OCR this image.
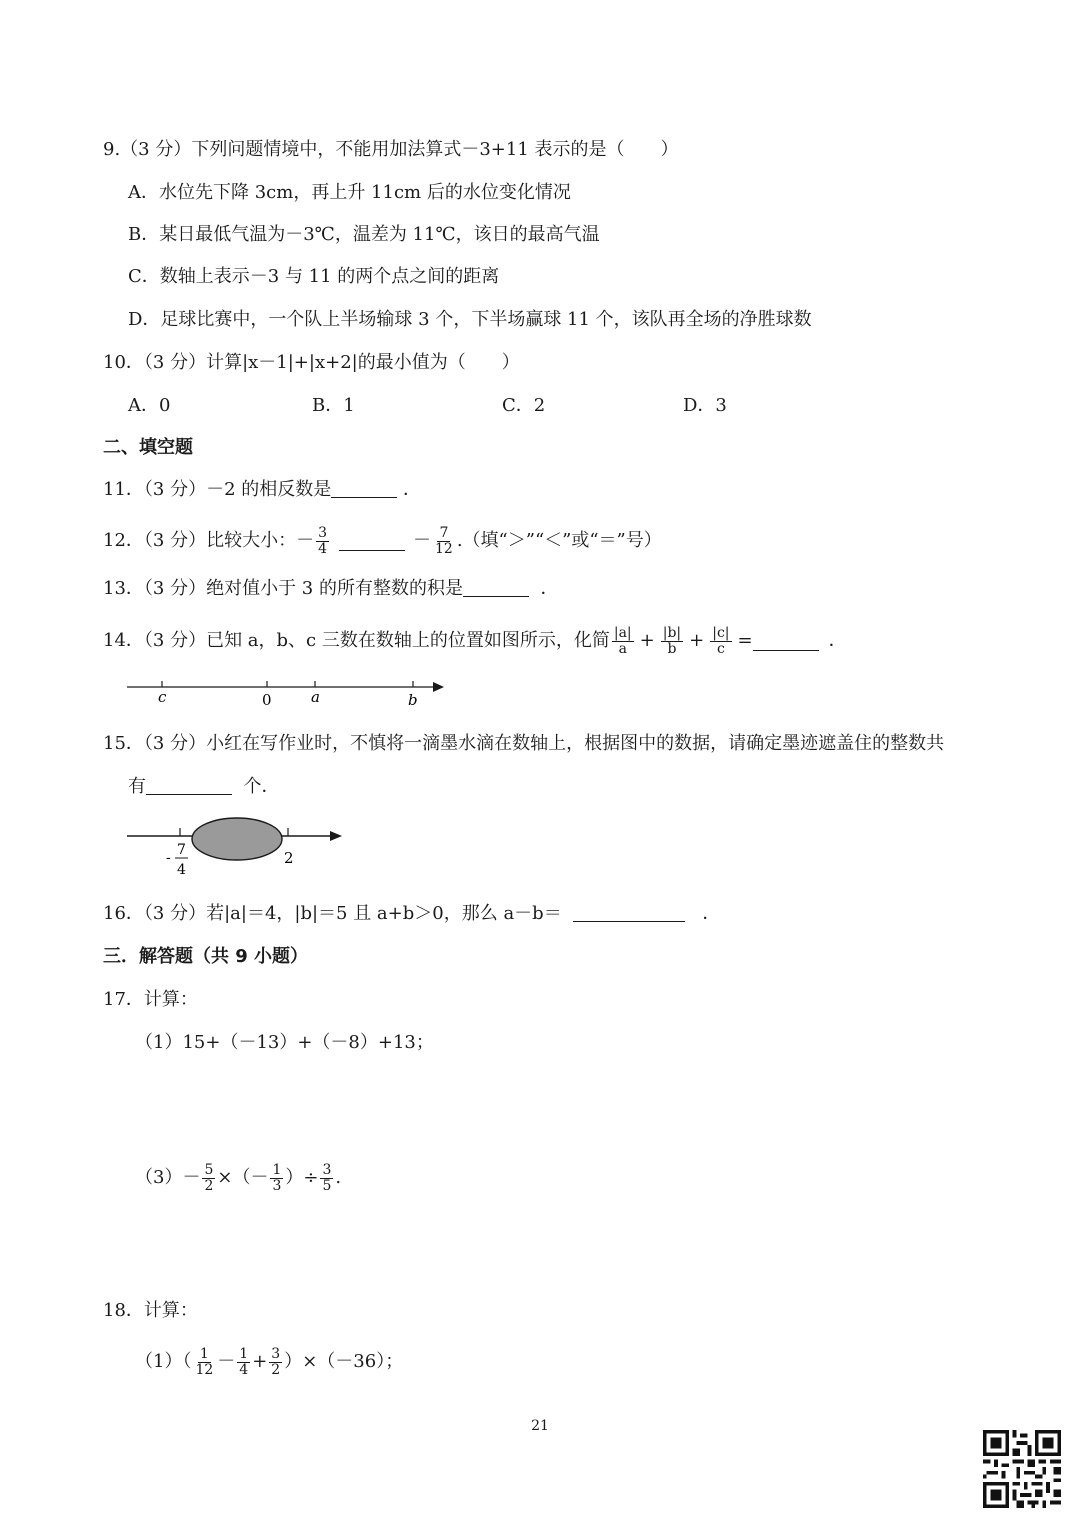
9.（3 分）下列问题情境中，不能用加法算式－3+11 表示的是（　　）
A．水位先下降 3cm，再上升 11cm 后的水位变化情况
B．某日最低气温为－3℃，温差为 11℃，该日的最高气温
C．数轴上表示－3 与 11 的两个点之间的距离
D．足球比赛中，一个队上半场输球 3 个，下半场赢球 11 个，该队再全场的净胜球数
10．（3 分）计算|x－1|+|x+2|的最小值为（　　）
A．0	B．1	C．2	D．3
二、填空题
11．（3 分）－2 的相反数是	．
12．（3 分）比较大小：－ $\frac{3}{4}$	－ $\frac{7}{12}$ .（填“＞”“＜”或“＝”号）
13．（3 分）绝对值小于 3 的所有整数的积是	．
14．（3 分）已知 a，b、c 三数在数轴上的位置如图所示，化简 $\frac{|a|}{a} + \frac{|b|}{b} + \frac{|c|}{c}$ =	．
c	0	a	b
15．（3 分）小红在写作业时，不慎将一滴墨水滴在数轴上，根据图中的数据，请确定墨迹遮盖住的整数共
有	个．
- 7
4
2
16．（3 分）若|a|＝4，|b|＝5 且 a+b＞0，那么 a－b＝	．
三．解答题（共 9 小题）
17．计算：
（1）15+（－13）+（－8）+13；
$(3)- \frac{5}{2}$ ×（－ $\frac{1}{3}$ ）÷ $\frac{3}{5}$ .
18．计算：
$(1)( \frac{1}{12} - \frac{1}{4} + \frac{3}{2} )\times(-36)$；
21
